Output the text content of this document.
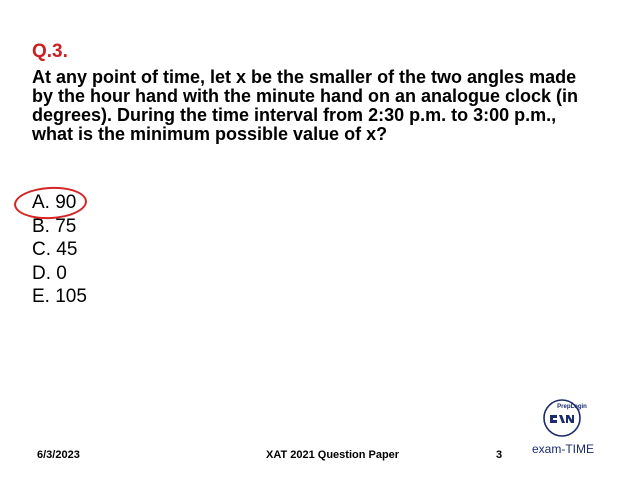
Q.3.
At any point of time, let x be the smaller of the two angles made by the hour hand with the minute hand on an analogue clock (in degrees). During the time interval from 2:30 p.m. to 3:00 p.m., what is the minimum possible value of x?
A. 90
B. 75
C. 45
D. 0
E. 105
6/3/2023	XAT 2021 Question Paper	3
PrepLogin
exam-TIME
